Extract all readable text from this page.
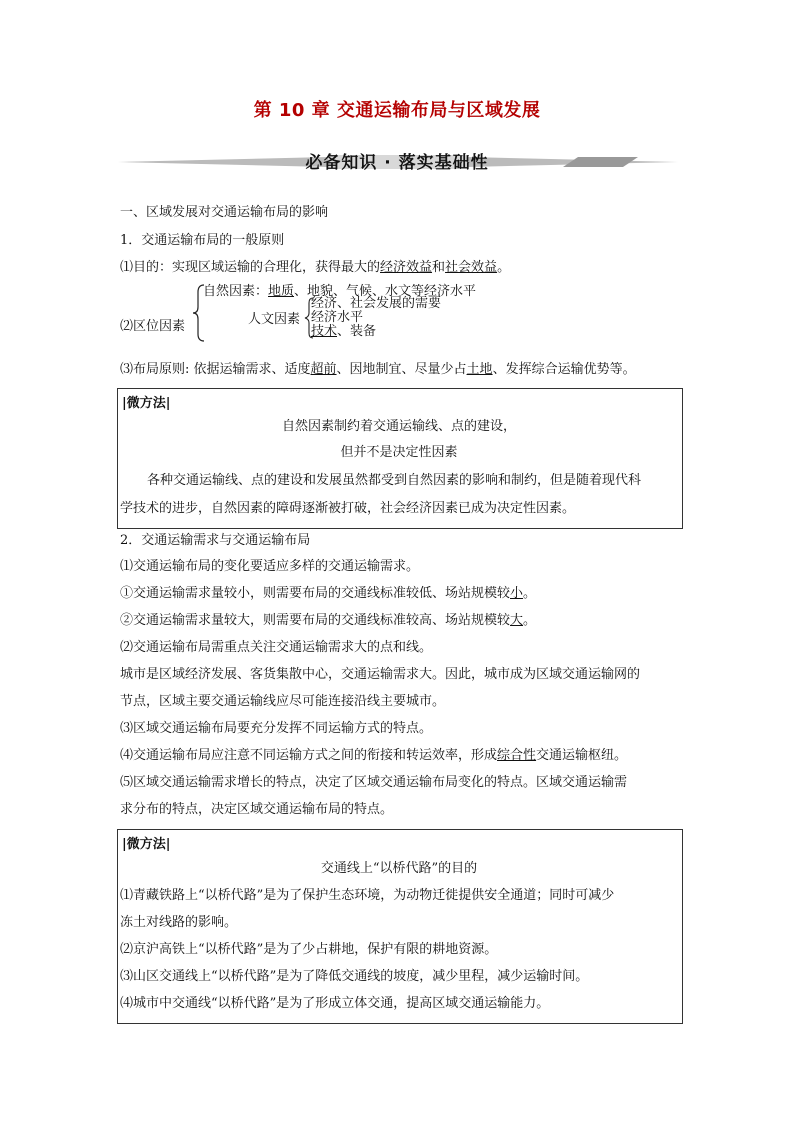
第 10 章 交通运输布局与区域发展
必备知识 · 落实基础性
一、区域发展对交通运输布局的影响
1．交通运输布局的一般原则
⑴目的：实现区域运输的合理化，获得最大的经济效益和社会效益。
⑵区位因素
自然因素：地质、地貌、气候、水文等经济水平
人文因素
经济、社会发展的需要
经济水平
技术、装备
⑶布局原则: 依据运输需求、适度超前、因地制宜、尽量少占土地、发挥综合运输优势等。
|微方法|
自然因素制约着交通运输线、点的建设，
但并不是决定性因素
各种交通运输线、点的建设和发展虽然都受到自然因素的影响和制约，但是随着现代科
学技术的进步，自然因素的障碍逐渐被打破，社会经济因素已成为决定性因素。
2．交通运输需求与交通运输布局
⑴交通运输布局的变化要适应多样的交通运输需求。
①交通运输需求量较小，则需要布局的交通线标准较低、场站规模较小。
②交通运输需求量较大，则需要布局的交通线标准较高、场站规模较大。
⑵交通运输布局需重点关注交通运输需求大的点和线。
城市是区域经济发展、客货集散中心，交通运输需求大。因此，城市成为区域交通运输网的
节点，区域主要交通运输线应尽可能连接沿线主要城市。
⑶区域交通运输布局要充分发挥不同运输方式的特点。
⑷交通运输布局应注意不同运输方式之间的衔接和转运效率，形成综合性交通运输枢纽。
⑸区域交通运输需求增长的特点，决定了区域交通运输布局变化的特点。区域交通运输需
求分布的特点，决定区域交通运输布局的特点。
|微方法|
交通线上“以桥代路”的目的
⑴青藏铁路上“以桥代路”是为了保护生态环境，为动物迁徙提供安全通道；同时可减少
冻土对线路的影响。
⑵京沪高铁上“以桥代路”是为了少占耕地，保护有限的耕地资源。
⑶山区交通线上“以桥代路”是为了降低交通线的坡度，减少里程，减少运输时间。
⑷城市中交通线“以桥代路”是为了形成立体交通，提高区域交通运输能力。
